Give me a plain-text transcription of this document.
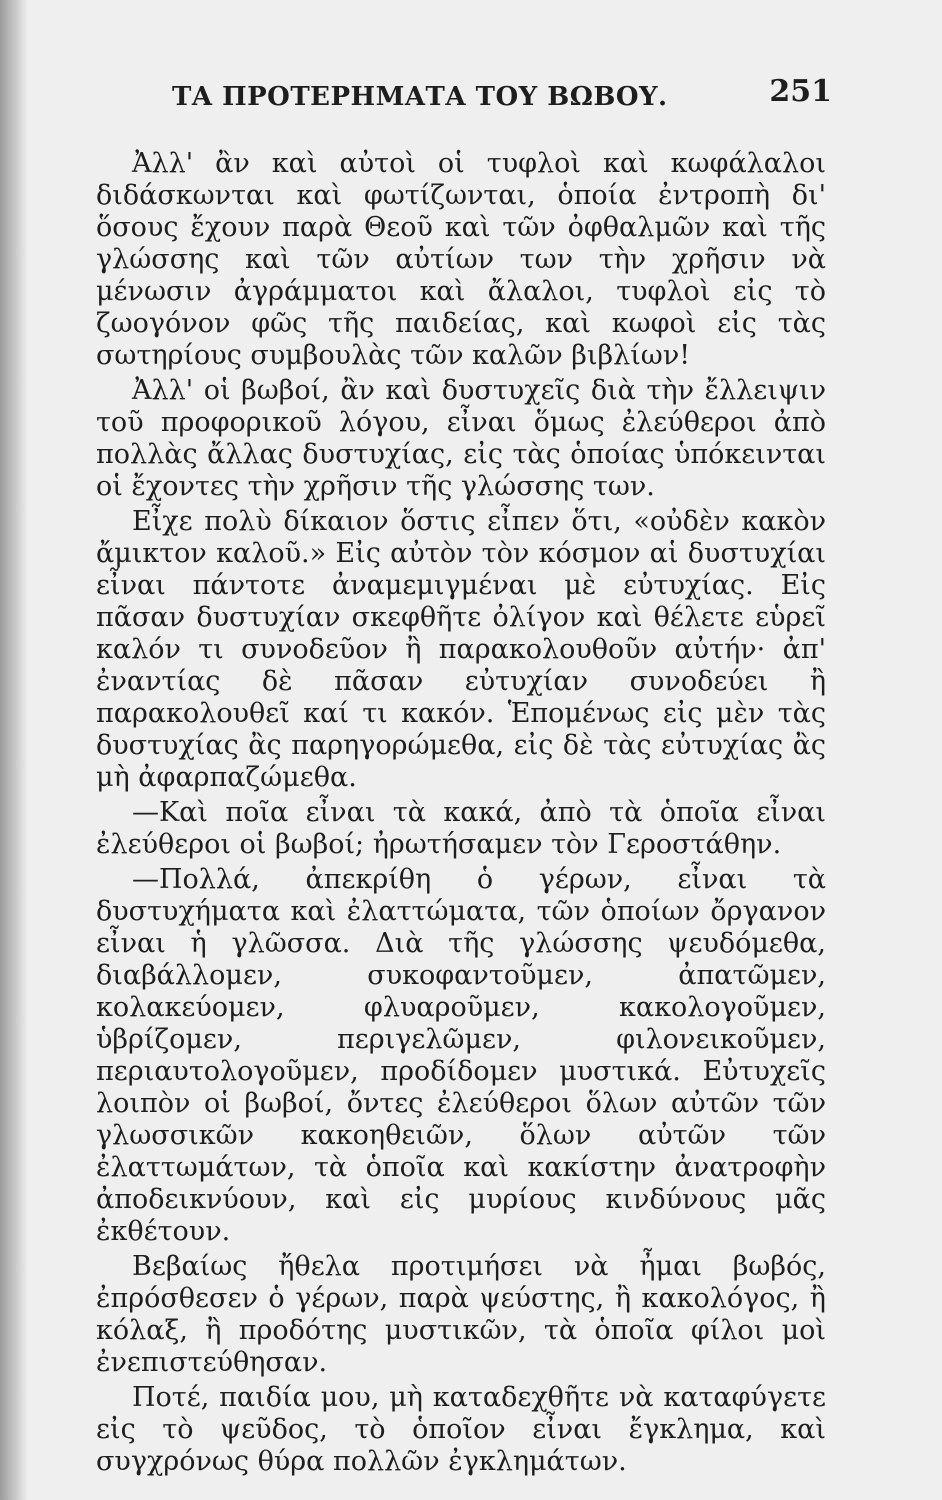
ΤΑ ΠΡΟΤΕΡΗΜΑΤΑ ΤΟΥ ΒΩΒΟΥ.	251

Ἀλλ' ἂν καὶ αὐτοὶ οἱ τυφλοὶ καὶ κωφάλαλοι διδάσκωνται καὶ φωτίζωνται, ὁποία ἐντροπὴ δι' ὅσους ἔχουν παρὰ Θεοῦ καὶ τῶν ὀφθαλμῶν καὶ τῆς γλώσσης καὶ τῶν αὐτίων των τὴν χρῆσιν νὰ μένωσιν ἀγράμματοι καὶ ἄλαλοι, τυφλοὶ εἰς τὸ ζωογόνον φῶς τῆς παιδείας, καὶ κωφοὶ εἰς τὰς σωτηρίους συμβουλὰς τῶν καλῶν βιβλίων!

Ἀλλ' οἱ βωβοί, ἂν καὶ δυστυχεῖς διὰ τὴν ἔλλειψιν τοῦ προφορικοῦ λόγου, εἶναι ὅμως ἐλεύθεροι ἀπὸ πολλὰς ἄλλας δυστυχίας, εἰς τὰς ὁποίας ὑπόκεινται οἱ ἔχοντες τὴν χρῆσιν τῆς γλώσσης των.

Εἶχε πολὺ δίκαιον ὅστις εἶπεν ὅτι, «οὐδὲν κακὸν ἄμικτον καλοῦ.» Εἰς αὐτὸν τὸν κόσμον αἱ δυστυχίαι εἶναι πάντοτε ἀναμεμιγμέναι μὲ εὐτυχίας. Εἰς πᾶσαν δυστυχίαν σκεφθῆτε ὀλίγον καὶ θέλετε εὑρεῖ καλόν τι συνοδεῦον ἢ παρακολουθοῦν αὐτήν· ἀπ' ἐναντίας δὲ πᾶσαν εὐτυχίαν συνοδεύει ἢ παρακολουθεῖ καί τι κακόν. Ἑπομένως εἰς μὲν τὰς δυστυχίας ἂς παρηγορώμεθα, εἰς δὲ τὰς εὐτυχίας ἂς μὴ ἀφαρπαζώμεθα.

—Καὶ ποῖα εἶναι τὰ κακά, ἀπὸ τὰ ὁποῖα εἶναι ἐλεύθεροι οἱ βωβοί; ἠρωτήσαμεν τὸν Γεροστάθην.

—Πολλά, ἀπεκρίθη ὁ γέρων, εἶναι τὰ δυστυχήματα καὶ ἐλαττώματα, τῶν ὁποίων ὄργανον εἶναι ἡ γλῶσσα. Διὰ τῆς γλώσσης ψευδόμεθα, διαβάλλομεν, συκοφαντοῦμεν, ἀπατῶμεν, κολακεύομεν, φλυαροῦμεν, κακολογοῦμεν, ὑβρίζομεν, περιγελῶμεν, φιλονεικοῦμεν, περιαυτολογοῦμεν, προδίδομεν μυστικά. Εὐτυχεῖς λοιπὸν οἱ βωβοί, ὄντες ἐλεύθεροι ὅλων αὐτῶν τῶν γλωσσικῶν κακοηθειῶν, ὅλων αὐτῶν τῶν ἐλαττωμάτων, τὰ ὁποῖα καὶ κακίστην ἀνατροφὴν ἀποδεικνύουν, καὶ εἰς μυρίους κινδύνους μᾶς ἐκθέτουν.

Βεβαίως ἤθελα προτιμήσει νὰ ἦμαι βωβός, ἐπρόσθεσεν ὁ γέρων, παρὰ ψεύστης, ἢ κακολόγος, ἢ κόλαξ, ἢ προδότης μυστικῶν, τὰ ὁποῖα φίλοι μοὶ ἐνεπιστεύθησαν.

Ποτέ, παιδία μου, μὴ καταδεχθῆτε νὰ καταφύγετε εἰς τὸ ψεῦδος, τὸ ὁποῖον εἶναι ἔγκλημα, καὶ συγχρόνως θύρα πολλῶν ἐγκλημάτων.
